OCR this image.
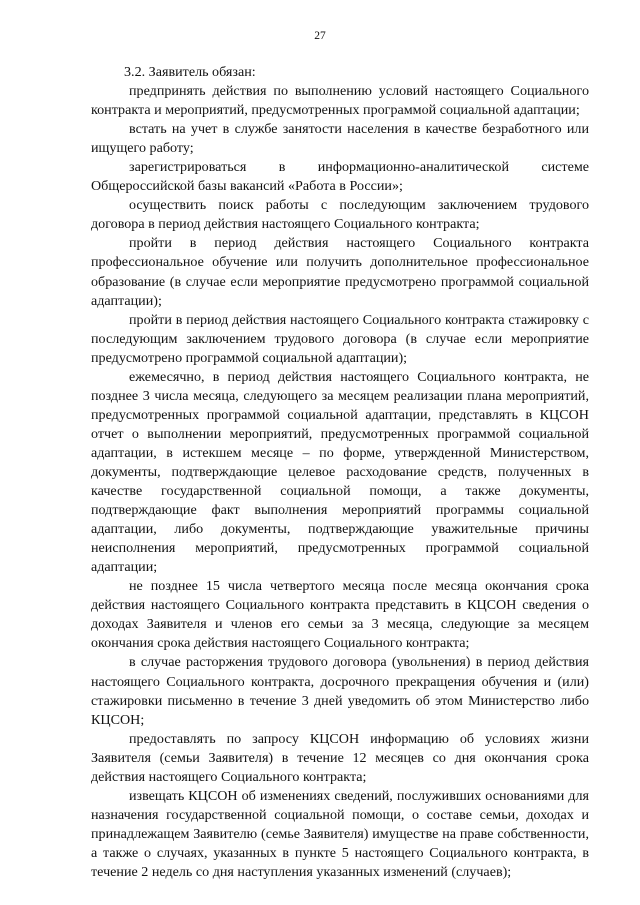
27

3.2. Заявитель обязан:

предпринять действия по выполнению условий настоящего Социального контракта и мероприятий, предусмотренных программой социальной адаптации;

встать на учет в службе занятости населения в качестве безработного или ищущего работу;

зарегистрироваться в информационно-аналитической системе Общероссийской базы вакансий «Работа в России»;

осуществить поиск работы с последующим заключением трудового договора в период действия настоящего Социального контракта;

пройти в период действия настоящего Социального контракта профессиональное обучение или получить дополнительное профессиональное образование (в случае если мероприятие предусмотрено программой социальной адаптации);

пройти в период действия настоящего Социального контракта стажировку с последующим заключением трудового договора (в случае если мероприятие предусмотрено программой социальной адаптации);

ежемесячно, в период действия настоящего Социального контракта, не позднее 3 числа месяца, следующего за месяцем реализации плана мероприятий, предусмотренных программой социальной адаптации, представлять в КЦСОН отчет о выполнении мероприятий, предусмотренных программой социальной адаптации, в истекшем месяце – по форме, утвержденной Министерством, документы, подтверждающие целевое расходование средств, полученных в качестве государственной социальной помощи, а также документы, подтверждающие факт выполнения мероприятий программы социальной адаптации, либо документы, подтверждающие уважительные причины неисполнения мероприятий, предусмотренных программой социальной адаптации;

не позднее 15 числа четвертого месяца после месяца окончания срока действия настоящего Социального контракта представить в КЦСОН сведения о доходах Заявителя и членов его семьи за 3 месяца, следующие за месяцем окончания срока действия настоящего Социального контракта;

в случае расторжения трудового договора (увольнения) в период действия настоящего Социального контракта, досрочного прекращения обучения и (или) стажировки письменно в течение 3 дней уведомить об этом Министерство либо КЦСОН;

предоставлять по запросу КЦСОН информацию об условиях жизни Заявителя (семьи Заявителя) в течение 12 месяцев со дня окончания срока действия настоящего Социального контракта;

извещать КЦСОН об изменениях сведений, послуживших основаниями для назначения государственной социальной помощи, о составе семьи, доходах и принадлежащем Заявителю (семье Заявителя) имуществе на праве собственности, а также о случаях, указанных в пункте 5 настоящего Социального контракта, в течение 2 недель со дня наступления указанных изменений (случаев);
